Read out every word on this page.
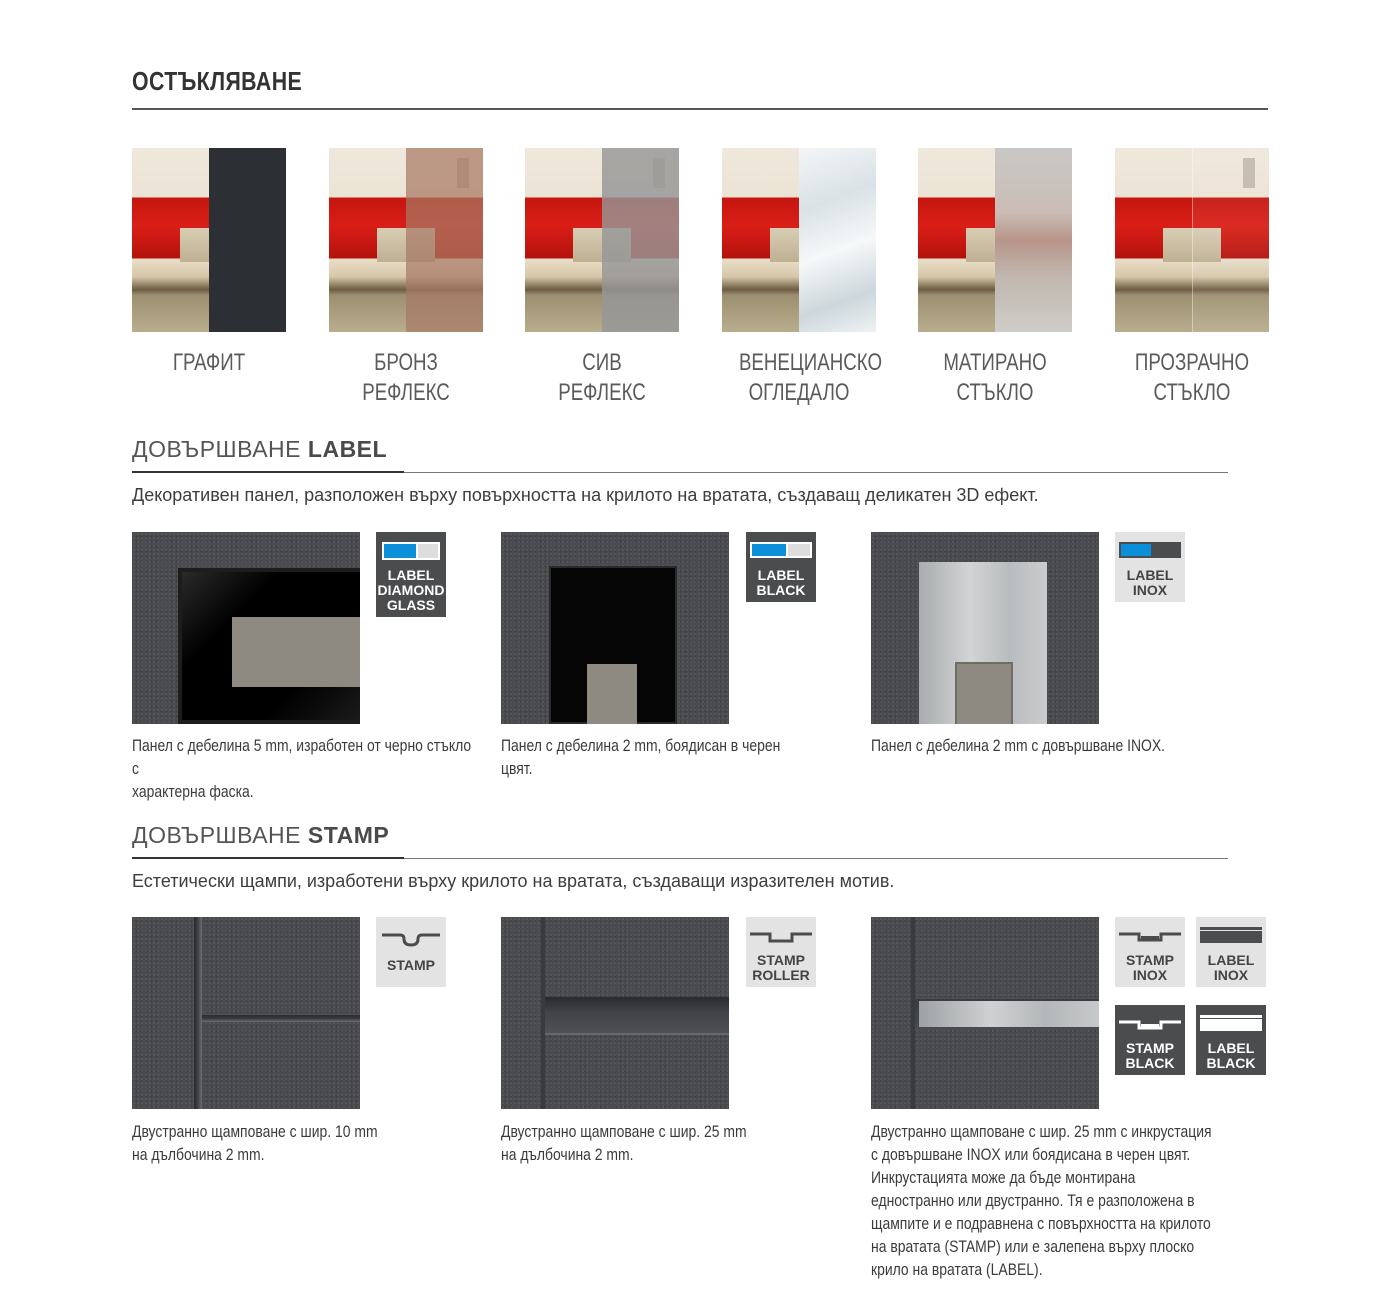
ОСТЪКЛЯВАНЕ
ГРАФИТ	БРОНЗ РЕФЛЕКС
СИВ РЕФЛЕКС
ВЕНЕЦИАНСКО
ОГЛЕДАЛО
МАТИРАНО
СТЪКЛО
ПРОЗРАЧНО
СТЪКЛО
ДОВЪРШВАНЕ LABEL
Декоративен панел, разположен върху повърхността на крилото на вратата, създаващ деликатен 3D ефект.
LABEL
DIAMOND
GLASS
Панел с дебелина 5 mm, изработен от черно стъкло с
характерна фаска.
LABEL
BLACK
Панел с дебелина 2 mm, боядисан в черен цвят.
LABEL
INOX
Панел с дебелина 2 mm с довършване INOX.
ДОВЪРШВАНЕ STAMP
Естетически щампи, изработени върху крилото на вратата, създаващи изразителен мотив.
STAMP
Двустранно щамповане с шир. 10 mm
на дълбочина 2 mm.
STAMP
ROLLER
Двустранно щамповане с шир. 25 mm
на дълбочина 2 mm.
STAMP
INOX
LABEL
INOX
STAMP
BLACK
LABEL
BLACK
Двустранно щамповане с шир. 25 mm с инкрустация
с довършване INOX или боядисана в черен цвят.
Инкрустацията може да бъде монтирана
едностранно или двустранно. Тя е разположена в
щампите и е подравнена с повърхността на крилото
на вратата (STAMP) или е залепена върху плоско
крило на вратата (LABEL).
